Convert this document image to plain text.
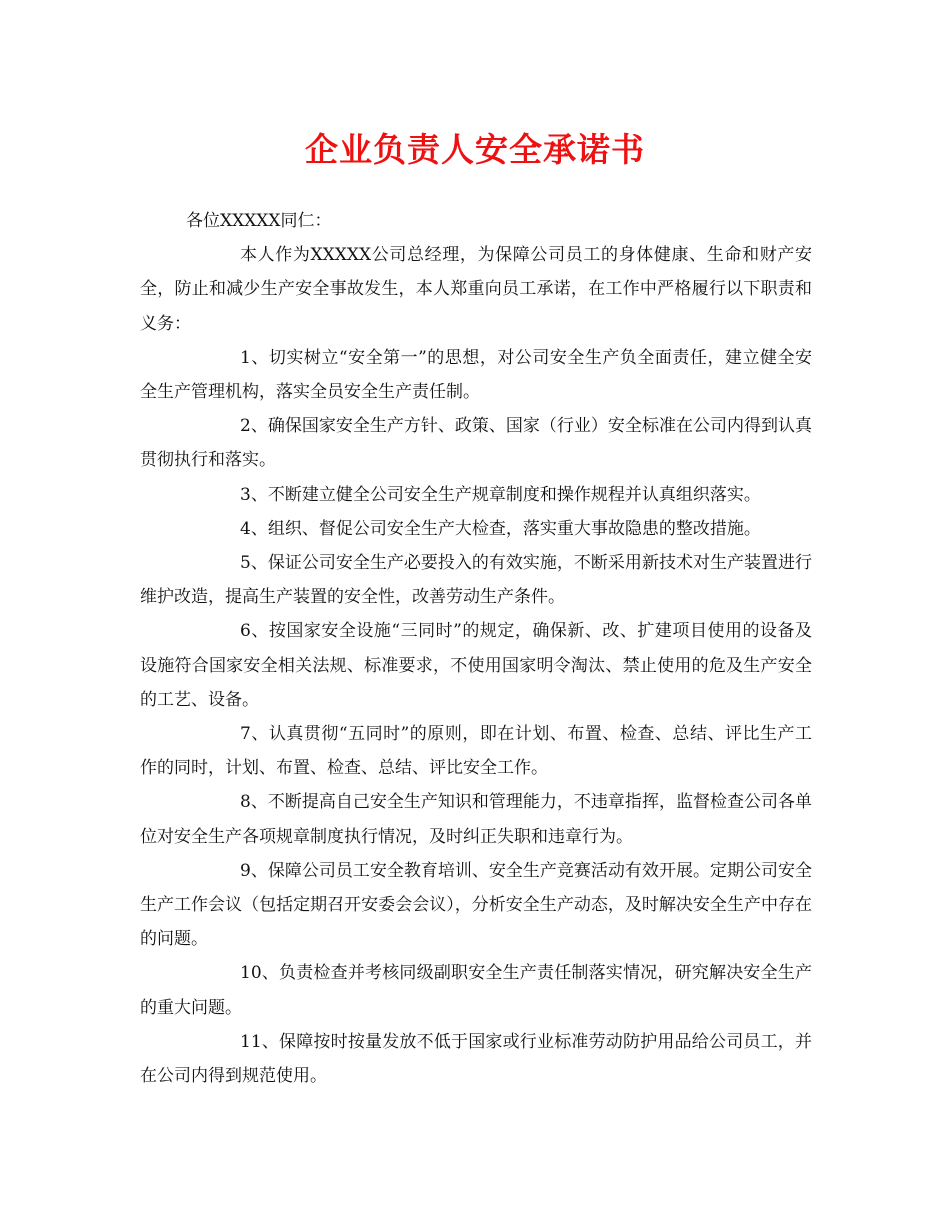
企业负责人安全承诺书

各位XXXXX同仁：

本人作为XXXXX公司总经理，为保障公司员工的身体健康、生命和财产安全，防止和减少生产安全事故发生，本人郑重向员工承诺，在工作中严格履行以下职责和义务：

1、切实树立“安全第一”的思想，对公司安全生产负全面责任，建立健全安全生产管理机构，落实全员安全生产责任制。

2、确保国家安全生产方针、政策、国家（行业）安全标准在公司内得到认真贯彻执行和落实。

3、不断建立健全公司安全生产规章制度和操作规程并认真组织落实。

4、组织、督促公司安全生产大检查，落实重大事故隐患的整改措施。

5、保证公司安全生产必要投入的有效实施，不断采用新技术对生产装置进行维护改造，提高生产装置的安全性，改善劳动生产条件。

6、按国家安全设施“三同时”的规定，确保新、改、扩建项目使用的设备及设施符合国家安全相关法规、标准要求，不使用国家明令淘汰、禁止使用的危及生产安全的工艺、设备。

7、认真贯彻“五同时”的原则，即在计划、布置、检查、总结、评比生产工作的同时，计划、布置、检查、总结、评比安全工作。

8、不断提高自己安全生产知识和管理能力，不违章指挥，监督检查公司各单位对安全生产各项规章制度执行情况，及时纠正失职和违章行为。

9、保障公司员工安全教育培训、安全生产竞赛活动有效开展。定期公司安全生产工作会议（包括定期召开安委会会议），分析安全生产动态，及时解决安全生产中存在的问题。

10、负责检查并考核同级副职安全生产责任制落实情况，研究解决安全生产的重大问题。

11、保障按时按量发放不低于国家或行业标准劳动防护用品给公司员工，并在公司内得到规范使用。
